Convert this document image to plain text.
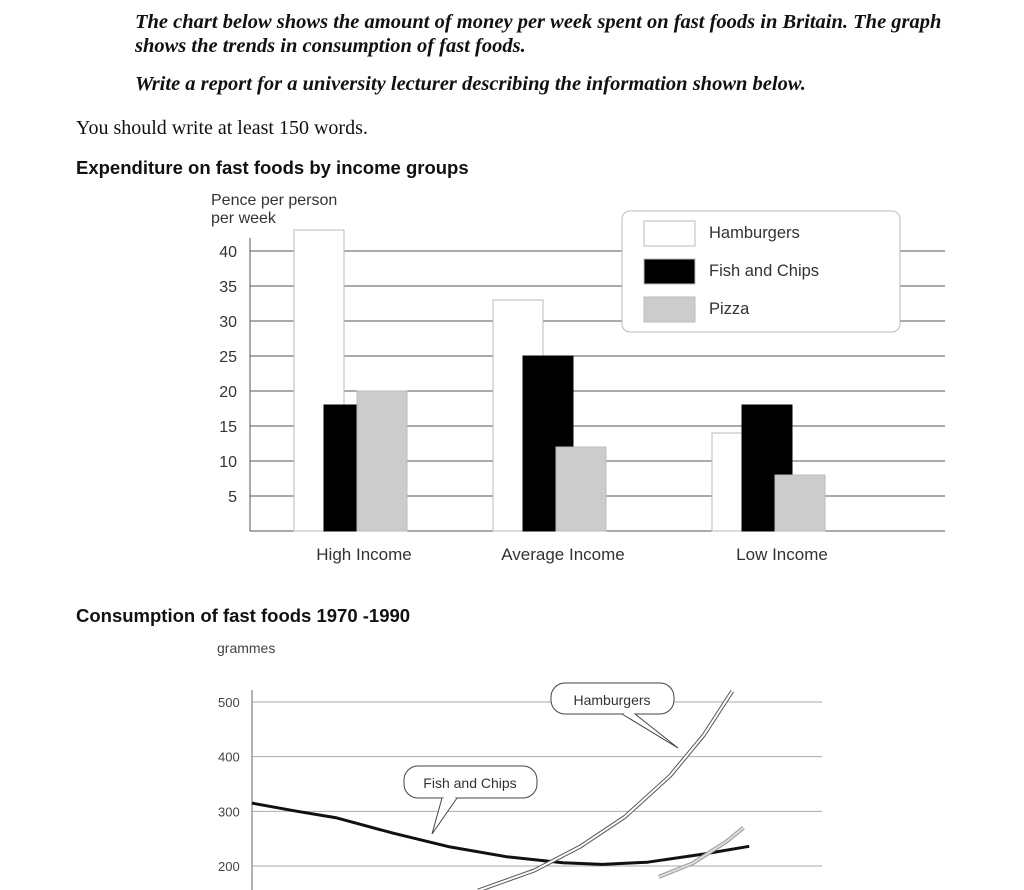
The chart below shows the amount of money per week spent on fast foods in Britain. The graph shows the trends in consumption of fast foods.

Write a report for a university lecturer describing the information shown below.

You should write at least 150 words.
Expenditure on fast foods by income groups
Consumption of fast foods 1970 -1990
Pence per person
per week
5
10
15
20
25
30
35
40
Hamburgers
Fish and Chips
Pizza
High Income	Average Income	Low Income
grammes
200
300
400
500	Hamburgers
Fish and Chips
